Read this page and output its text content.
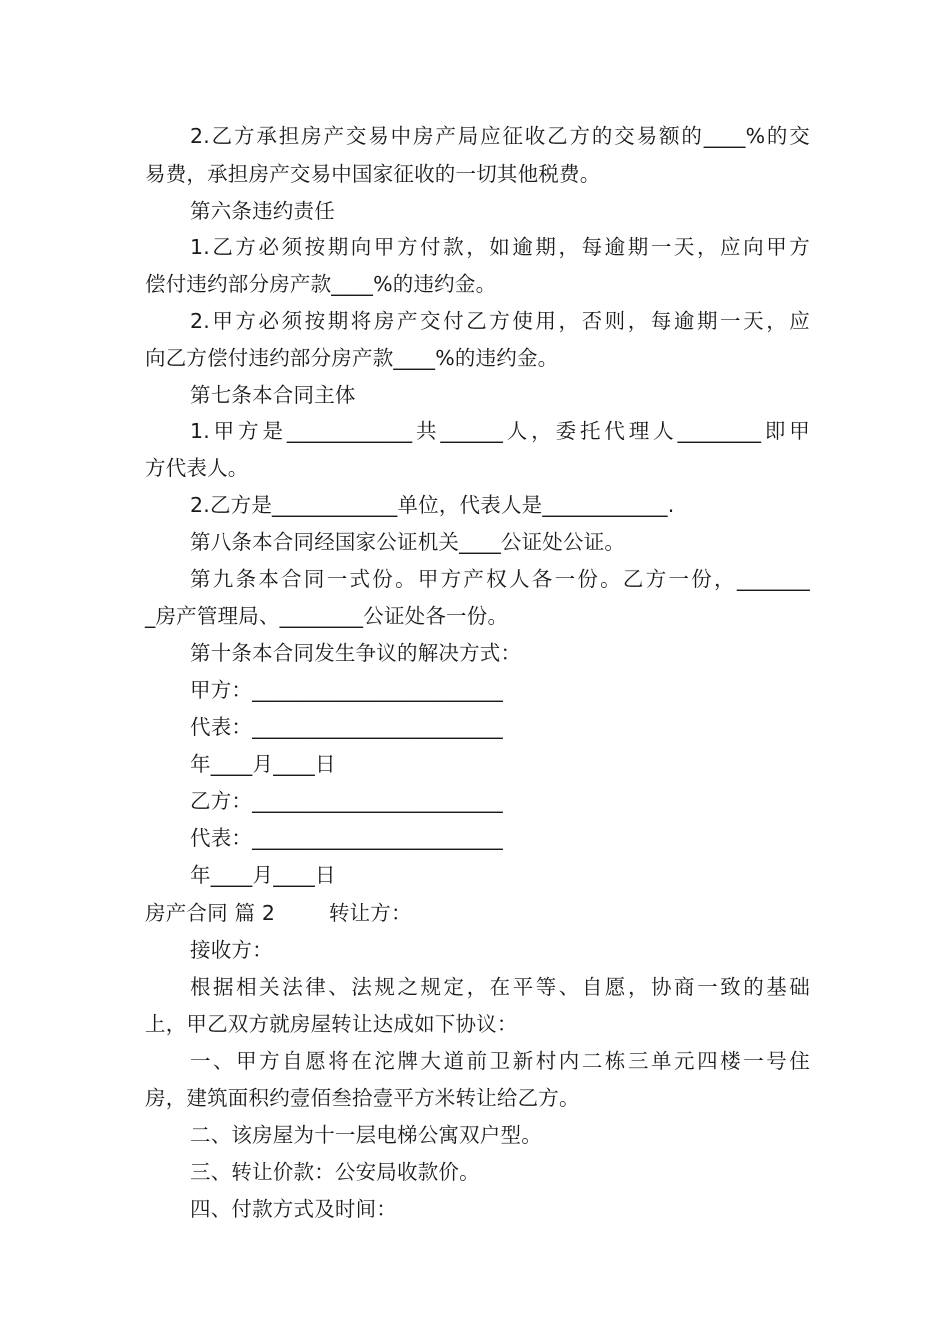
2.乙方承担房产交易中房产局应征收乙方的交易额的____%的交
易费，承担房产交易中国家征收的一切其他税费。
第六条违约责任
1.乙方必须按期向甲方付款，如逾期，每逾期一天，应向甲方
偿付违约部分房产款____%的违约金。
2.甲方必须按期将房产交付乙方使用，否则，每逾期一天，应
向乙方偿付违约部分房产款____%的违约金。
第七条本合同主体
1.甲方是____________共______人，委托代理人________即甲
方代表人。
2.乙方是____________单位，代表人是____________.
第八条本合同经国家公证机关____公证处公证。
第九条本合同一式份。甲方产权人各一份。乙方一份，_______
_房产管理局、________公证处各一份。
第十条本合同发生争议的解决方式：
甲方：________________________
代表：________________________
年____月____日
乙方：________________________
代表：________________________
年____月____日
房产合同 篇 2        转让方：
接收方：
根据相关法律、法规之规定，在平等、自愿，协商一致的基础
上，甲乙双方就房屋转让达成如下协议：
一、甲方自愿将在沱牌大道前卫新村内二栋三单元四楼一号住
房，建筑面积约壹佰叁拾壹平方米转让给乙方。
二、该房屋为十一层电梯公寓双户型。
三、转让价款：公安局收款价。
四、付款方式及时间：
